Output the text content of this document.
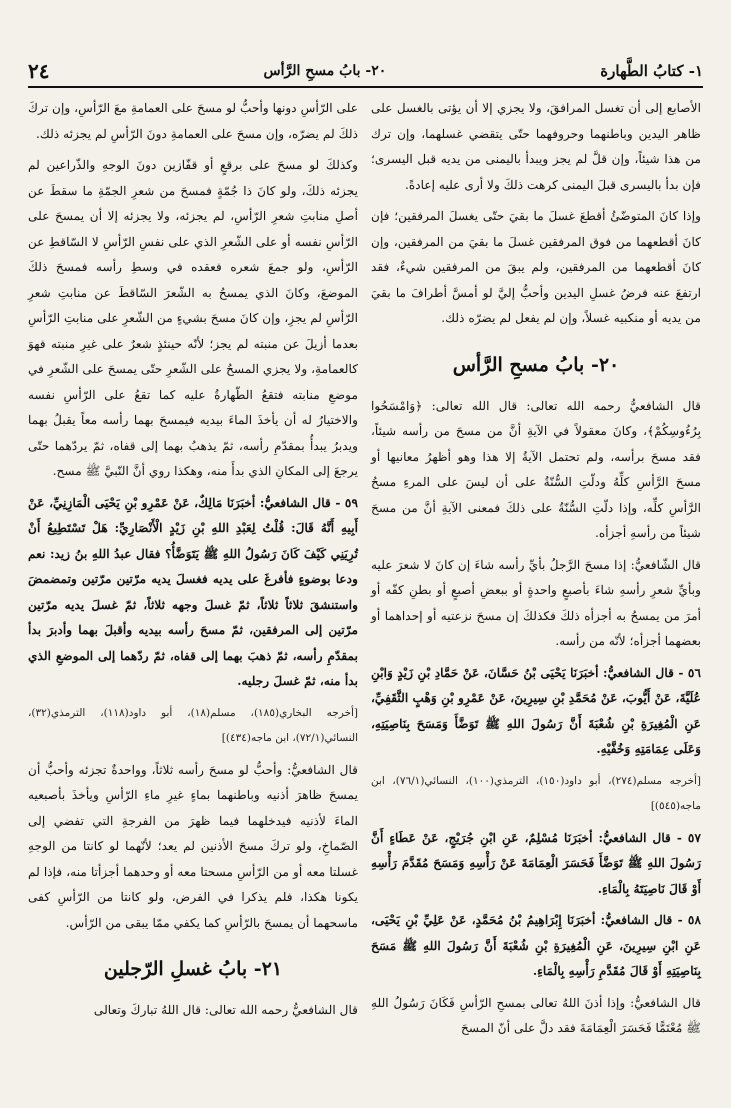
٢٤	٢٠- بابُ مسحِ الرَّأس	١- كتابُ الطَّهارة

الأصابع إلى أن تغسل المرافقَ، ولا يجزي إلا أن يؤتى بالغسل على ظاهر اليدين وباطنهما وحروفهما حتّى يتقضي غسلهما، وإن ترك من هذا شيئاً، وإن قلَّ لم يجز ويبدأ باليمنى من يديه قبل اليسرى؛ فإن بدأ باليسرى قبلَ اليمنى كرهت ذلكَ ولا أرى عليه إعادةً.

وإذا كانَ المتوضّئُ أقطعَ غسلَ ما بقيَ حتّى يغسلَ المرفقين؛ فإن كانَ أقطعهما من فوق المرفقين غسلَ ما بقيَ من المرفقين، وإن كانَ أقطعهما من المرفقين، ولم يبقَ من المرفقين شيءٌ، فقد ارتفعَ عنه فرضُ غسلِ اليدين وأحبُّ إليَّ لو أمسَّ أطرافَ ما بقيَ من يديه أو منكبيه غسلاً، وإن لم يفعل لم يضرّه ذلك.

٢٠- بابُ مسحِ الرَّأس

قال الشافعيُّ رحمه الله تعالى: قال الله تعالى: ﴿وَامْسَحُوا بِرُءُوسِكُمْ﴾، وكانَ معقولاً في الآيةِ أنَّ من مسحَ من رأسه شيئاً، فقد مسحَ برأسه، ولم تحتمل الآيةُ إلا هذا وهو أظهرُ معانيها أو مسحَ الرَّأسِ كلِّهُ ودلّتِ السُّنّةُ على أن ليسَ على المرءِ مسحُ الرَّأسِ كلِّه، وإذا دلّتِ السُّنّةُ على ذلكَ فمعنى الآيةِ أنَّ من مسحَ شيئاً من رأسهِ أجزأه.

قال الشّافعيُّ: إذا مسحَ الرَّجلُ بأيِّ رأسه شاءَ إن كانَ لا شعرَ عليه وبأيِّ شعرِ رأسهِ شاءَ بأصبعٍ واحدةٍ أو ببعضِ أصبعٍ أو بطنِ كفّه أو أمرَ من يمسحُ به أجزأه ذلكَ فكذلكَ إن مسحَ نزعتيه أو إحداهما أو بعضهما أجزأه؛ لأنّه من رأسه.

٥٦ - قال الشافعيُّ: أخبَرَنَا يَحْيَى بْنُ حَسَّانَ، عَنْ حَمَّادِ بْنِ زَيْدٍ وَابْنِ عُلَيَّةَ، عَنْ أَيُّوبَ، عَنْ مُحَمَّدِ بْنِ سِيرِينَ، عَنْ عَمْرِو بْنِ وَهْبٍ الثَّقَفِيِّ، عَنِ الْمُغِيرَةِ بْنِ شُعْبَةَ أَنَّ رَسُولَ اللهِ ﷺ تَوَضَّأَ وَمَسَحَ بِنَاصِيَتِهِ، وَعَلَى عِمَامَتِهِ وَخُفَّيْهِ.

[أخرجه مسلم(٢٧٤)، أبو داود(١٥٠)، الترمذي(١٠٠)، النسائي(٧٦/١)، ابن ماجه(٥٤٥)]

٥٧ - قال الشافعيُّ: أخبَرَنَا مُسْلِمٌ، عَنِ ابْنِ جُرَيْجٍ، عَنْ عَطَاءٍ أَنَّ رَسُولَ اللهِ ﷺ تَوَضَّأَ فَحَسَرَ الْعِمَامَةَ عَنْ رَأْسِهِ وَمَسَحَ مُقَدَّمَ رَأْسِهِ أَوْ قَالَ نَاصِيَتَهُ بِالْمَاءِ.

٥٨ - قال الشافعيُّ: أخبَرَنَا إِبْرَاهِيمُ بْنُ مُحَمَّدٍ، عَنْ عَلِيِّ بْنِ يَحْيَى، عَنِ ابْنِ سِيرِينَ، عَنِ الْمُغِيرَةِ بْنِ شُعْبَةَ أَنَّ رَسُولَ اللهِ ﷺ مَسَحَ بِنَاصِيَتِهِ أَوْ قَالَ مُقَدَّمِ رَأْسِهِ بِالْمَاءِ.

قال الشافعيُّ: وإذا أذنَ اللهُ تعالى بمسحِ الرّأسِ فَكَانَ رَسُولُ اللهِ ﷺ مُعْتَمًّا فَحَسَرَ الْعِمَامَةَ فقد دلَّ على أنّ المسحَ

على الرّأسِ دونها وأحبُّ لو مسحَ على العمامةِ معَ الرّأسِ، وإن تركَ ذلكَ لم يضرّه، وإن مسحَ على العمامةِ دونَ الرّأسِ لم يجزئه ذلك.

وكذلكَ لو مسحَ على برقعٍ أو قفّازين دونَ الوجهِ والذّراعين لم يجزئه ذلكَ، ولو كانَ ذا جُمّةٍ فمسحَ من شعرِ الجمّةِ ما سقطَ عن أصلِ منابتِ شعرِ الرّأسِ، لم يجزئه، ولا يجزئه إلا أن يمسحَ على الرّأسِ نفسه أو على الشّعرِ الذي على نفسِ الرّأسِ لا السّاقطِ عن الرّأسِ، ولو جمعَ شعره فعقده في وسطِ رأسه فمسحَ ذلكَ الموضعَ، وكانَ الذي يمسحُ به الشّعرَ السّاقطَ عن منابتِ شعرِ الرّأسِ لم يجزِ، وإن كانَ مسحَ بشيءٍ من الشّعرِ على منابتِ الرّأسِ بعدما أزيلَ عن منبته لم يجز؛ لأنّه حينئذٍ شعرٌ على غيرِ منبته فهوَ كالعمامةِ، ولا يجزي المسحُ على الشّعرِ حتّى يمسحَ على الشّعرِ في موضعِ منابته فتقعُ الطّهارةُ عليه كما تقعُ على الرّأسِ نفسه والاختيارُ له أن يأخذَ الماءَ بيديه فيمسحَ بهما رأسه معاً يقبلُ بهما ويدبرُ يبدأُ بمقدّمِ رأسه، ثمّ يذهبُ بهما إلى قفاه، ثمّ يردّهما حتّى يرجعَ إلى المكانِ الذي بدأَ منه، وهكذا روي أنَّ النّبيَّ ﷺ مسح.

٥٩ - قال الشافعيُّ: أخبَرَنَا مَالِكٌ، عَنْ عَمْرِو بْنِ يَحْيَى الْمَازِنِيِّ، عَنْ أَبِيهِ أَنَّهُ قَالَ: قُلْتُ لِعَبْدِ اللهِ بْنِ زَيْدٍ الْأَنْصَارِيِّ: هَلْ تَسْتَطِيعُ أَنْ تُرِيَنِي كَيْفَ كَانَ رَسُولُ اللهِ ﷺ يَتَوَضَّأُ؟ فقال عبدُ اللهِ بنُ زيد: نعم ودعا بوضوءٍ فأفرغَ على يديه فغسلَ يديه مرّتين مرّتين وتمضمضَ واستنشقَ ثلاثاً ثلاثاً، ثمّ غسلَ وجهه ثلاثاً، ثمّ غسلَ يديه مرّتين مرّتين إلى المرفقين، ثمّ مسحَ رأسه بيديه وأقبلَ بهما وأدبرَ بدأ بمقدّمِ رأسه، ثمّ ذهبَ بهما إلى قفاه، ثمّ ردّهما إلى الموضعِ الذي بدأ منه، ثمّ غسلَ رجليه.

[أخرجه البخاري(١٨٥)، مسلم(١٨)، أبو داود(١١٨)، الترمذي(٣٢)، النسائي(٧٢/١)، ابن ماجه(٤٣٤)]

قال الشافعيُّ: وأحبُّ لو مسحَ رأسه ثلاثاً، وواحدةٌ تجزئه وأحبُّ أن يمسحَ ظاهرَ أذنيه وباطنهما بماءٍ غيرِ ماءِ الرّأسِ ويأخذَ بأصبعيه الماءَ لأذنيه فيدخلهما فيما ظهرَ من الفرجةِ التي تفضي إلى الصّماخِ، ولو تركَ مسحَ الأذنين لم يعد؛ لأنّهما لو كانتا من الوجهِ غسلتا معه أو من الرّأسِ مسحتا معه أو وحدهما أجزأتا منه، فإذا لم يكونا هكذا، فلم يذكرا في الفرض، ولو كانتا من الرّأسِ كفى ماسحهما أن يمسحَ بالرّأسِ كما يكفي ممّا يبقى من الرّأس.

٢١- بابُ غسلِ الرّجلين

قال الشافعيُّ رحمه الله تعالى: قال اللهُ تباركَ وتعالى
